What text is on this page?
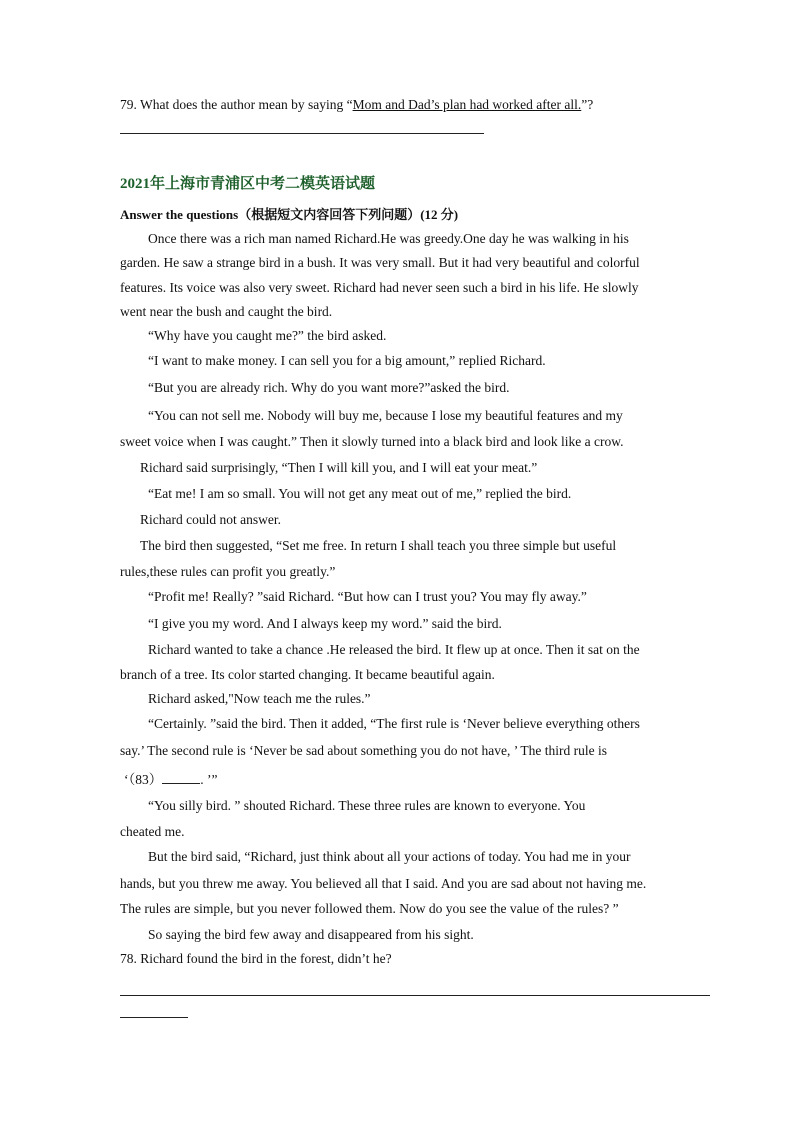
79. What does the author mean by saying “Mom and Dad’s plan had worked after all.”?
2021年上海市青浦区中考二模英语试题
Answer the questions（根据短文内容回答下列问题）(12 分)
Once there was a rich man named Richard.He was greedy.One day he was walking in his
garden. He saw a strange bird in a bush. It was very small. But it had very beautiful and colorful
features. Its voice was also very sweet. Richard had never seen such a bird in his life. He slowly
went near the bush and caught the bird.
“Why have you caught me?” the bird asked.
“I want to make money. I can sell you for a big amount,” replied Richard.
“But you are already rich. Why do you want more?”asked the bird.
“You can not sell me. Nobody will buy me, because I lose my beautiful features and my
sweet voice when I was caught.” Then it slowly turned into a black bird and look like a crow.
Richard said surprisingly, “Then I will kill you, and I will eat your meat.”
“Eat me! I am so small. You will not get any meat out of me,” replied the bird.
Richard could not answer.
The bird then suggested, “Set me free. In return I shall teach you three simple but useful
rules,these rules can profit you greatly.”
“Profit me! Really? ”said Richard. “But how can I trust you? You may fly away.”
“I give you my word. And I always keep my word.” said the bird.
Richard wanted to take a chance .He released the bird. It flew up at once. Then it sat on the
branch of a tree. Its color started changing. It became beautiful again.
Richard asked,"Now teach me the rules.”
“Certainly. ”said the bird. Then it added, “The first rule is ‘Never believe everything others
say.’ The second rule is ‘Never be sad about something you do not have, ’ The third rule is
‘（83）	. ’”
“You silly bird. ” shouted Richard. These three rules are known to everyone. You
cheated me.
But the bird said, “Richard, just think about all your actions of today. You had me in your
hands, but you threw me away. You believed all that I said. And you are sad about not having me.
The rules are simple, but you never followed them. Now do you see the value of the rules? ”
So saying the bird few away and disappeared from his sight.
78. Richard found the bird in the forest, didn’t he?
